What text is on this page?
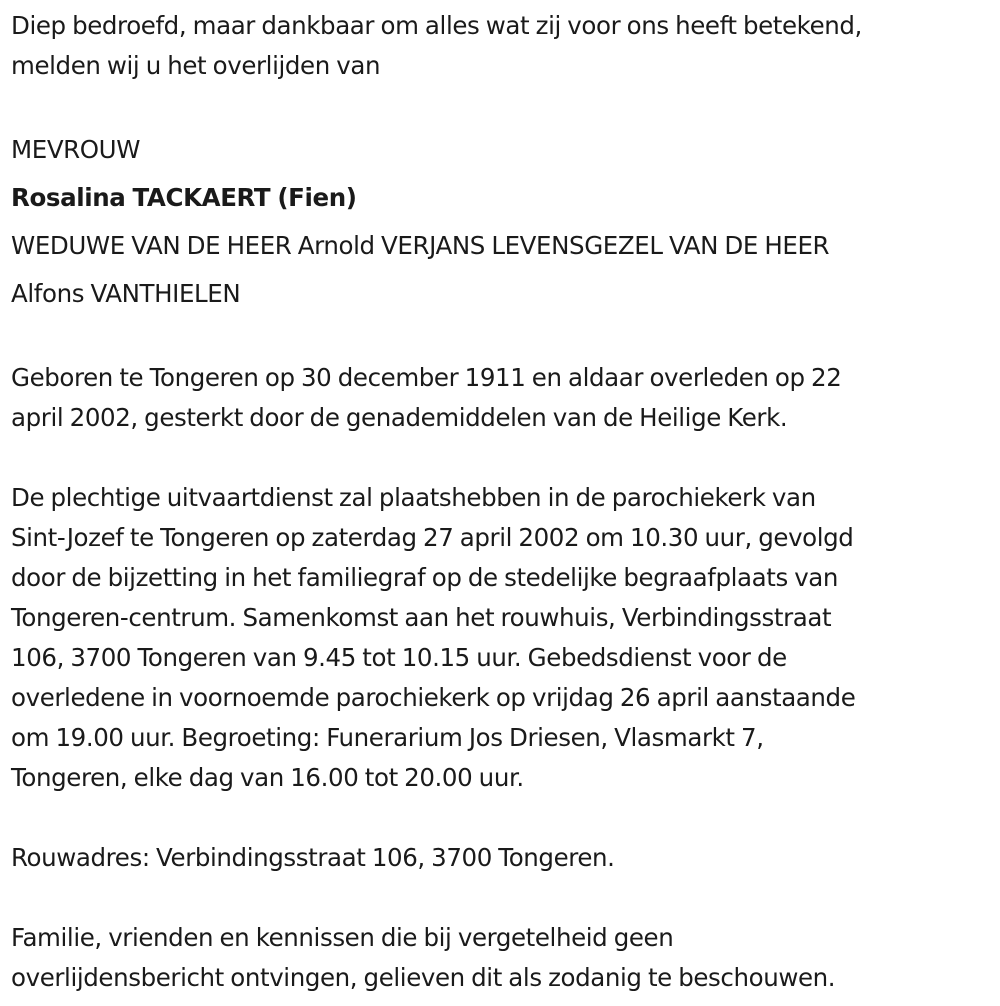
Diep bedroefd, maar dankbaar om alles wat zij voor ons heeft betekend,
melden wij u het overlijden van

MEVROUW
Rosalina TACKAERT (Fien)
WEDUWE VAN DE HEER Arnold VERJANS LEVENSGEZEL VAN DE HEER
Alfons VANTHIELEN

Geboren te Tongeren op 30 december 1911 en aldaar overleden op 22
april 2002, gesterkt door de genademiddelen van de Heilige Kerk.

De plechtige uitvaartdienst zal plaatshebben in de parochiekerk van
Sint-Jozef te Tongeren op zaterdag 27 april 2002 om 10.30 uur, gevolgd
door de bijzetting in het familiegraf op de stedelijke begraafplaats van
Tongeren-centrum. Samenkomst aan het rouwhuis, Verbindingsstraat
106, 3700 Tongeren van 9.45 tot 10.15 uur. Gebedsdienst voor de
overledene in voornoemde parochiekerk op vrijdag 26 april aanstaande
om 19.00 uur. Begroeting: Funerarium Jos Driesen, Vlasmarkt 7,
Tongeren, elke dag van 16.00 tot 20.00 uur.

Rouwadres: Verbindingsstraat 106, 3700 Tongeren.

Familie, vrienden en kennissen die bij vergetelheid geen
overlijdensbericht ontvingen, gelieven dit als zodanig te beschouwen.
